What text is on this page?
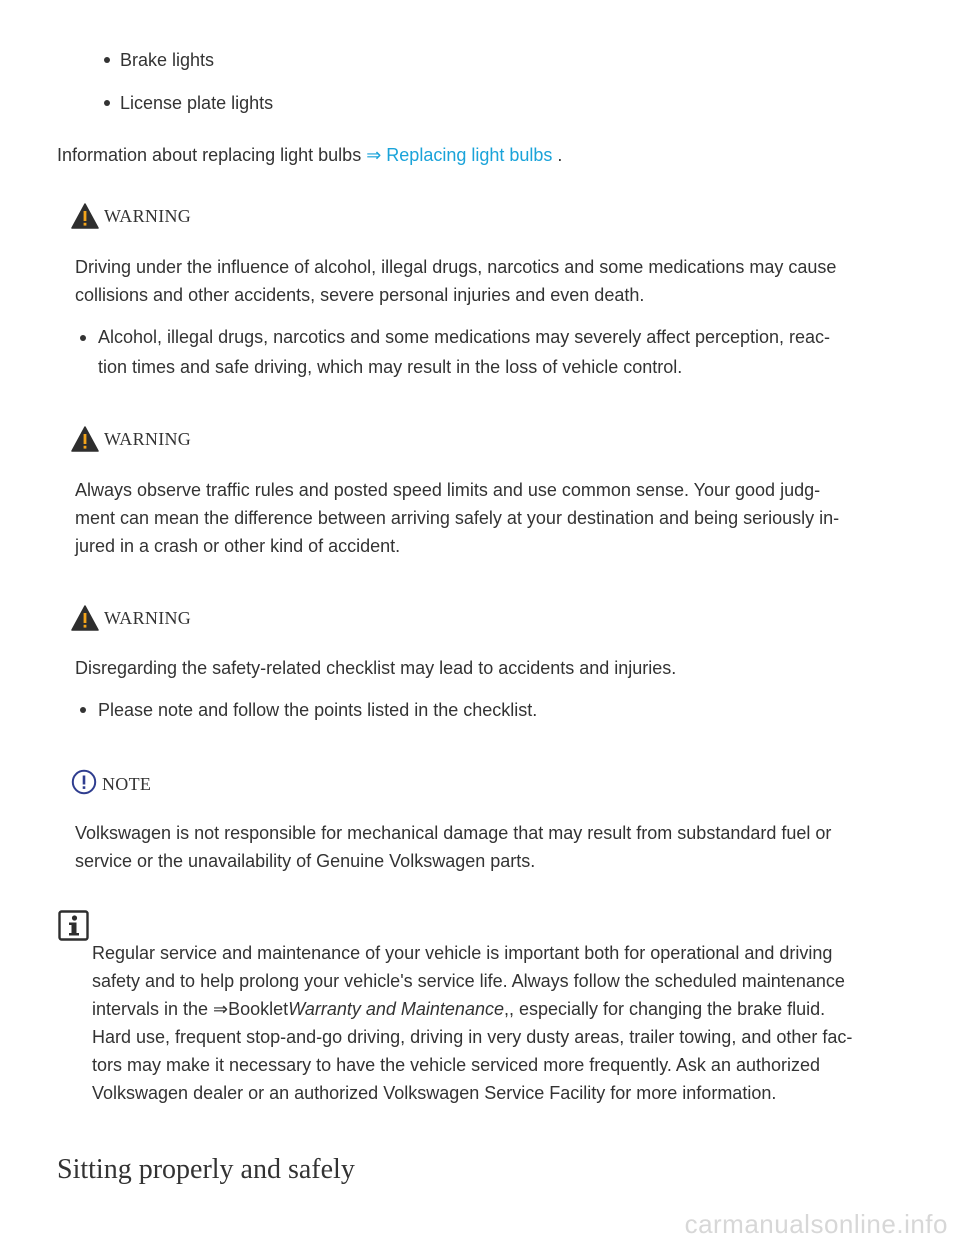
Brake lights
License plate lights
Information about replacing light bulbs ⇒ Replacing light bulbs .
WARNING
Driving under the influence of alcohol, illegal drugs, narcotics and some medications may cause
collisions and other accidents, severe personal injuries and even death.
Alcohol, illegal drugs, narcotics and some medications may severely affect perception, reac-
tion times and safe driving, which may result in the loss of vehicle control.
WARNING
Always observe traffic rules and posted speed limits and use common sense. Your good judg-
ment can mean the difference between arriving safely at your destination and being seriously in-
jured in a crash or other kind of accident.
WARNING
Disregarding the safety-related checklist may lead to accidents and injuries.
Please note and follow the points listed in the checklist.
NOTE
Volkswagen is not responsible for mechanical damage that may result from substandard fuel or
service or the unavailability of Genuine Volkswagen parts.
Regular service and maintenance of your vehicle is important both for operational and driving
safety and to help prolong your vehicle's service life. Always follow the scheduled maintenance
intervals in the ⇒BookletWarranty and Maintenance,, especially for changing the brake fluid.
Hard use, frequent stop-and-go driving, driving in very dusty areas, trailer towing, and other fac-
tors may make it necessary to have the vehicle serviced more frequently. Ask an authorized
Volkswagen dealer or an authorized Volkswagen Service Facility for more information.
Sitting properly and safely
carmanualsonline.info
